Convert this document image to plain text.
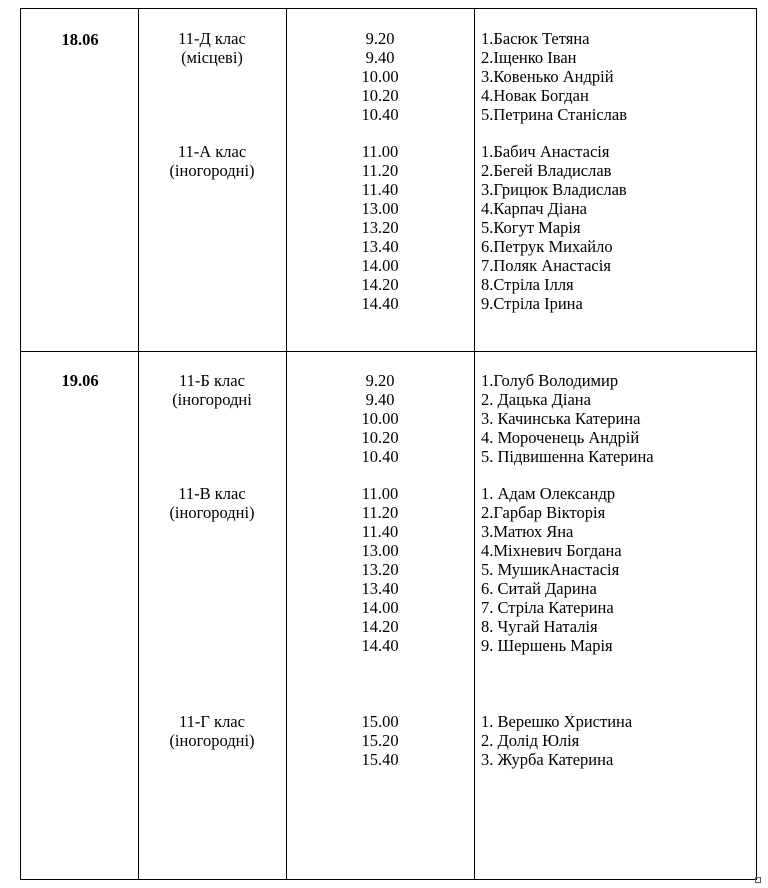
18.06	11-Д клас
(місцеві)
9.20
9.40
10.00
10.20
10.40
1.Басюк Тетяна
2.Іщенко Іван
3.Ковенько Андрій
4.Новак Богдан
5.Петрина Станіслав
11-А клас
(іногородні)
11.00
11.20
11.40
13.00
13.20
13.40
14.00
14.20
14.40
1.Бабич Анастасія
2.Бегей Владислав
3.Грицюк Владислав
4.Карпач Діана
5.Когут Марія
6.Петрук Михайло
7.Поляк Анастасія
8.Стріла Ілля
9.Стріла Ірина
19.06	11-Б клас
(іногородні
9.20
9.40
10.00
10.20
10.40
1.Голуб Володимир
2. Дацька Діана
3. Качинська Катерина
4. Мороченець Андрій
5. Підвишенна Катерина
11-В клас
(іногородні)
11.00
11.20
11.40
13.00
13.20
13.40
14.00
14.20
14.40
1. Адам Олександр
2.Гарбар Вікторія
3.Матюх Яна
4.Міхневич Богдана
5. МушикАнастасія
6. Ситай Дарина
7. Стріла Катерина
8. Чугай Наталія
9. Шершень Марія
11-Г клас
(іногородні)
15.00
15.20
15.40
1. Верешко Христина
2. Долід Юлія
3. Журба Катерина
